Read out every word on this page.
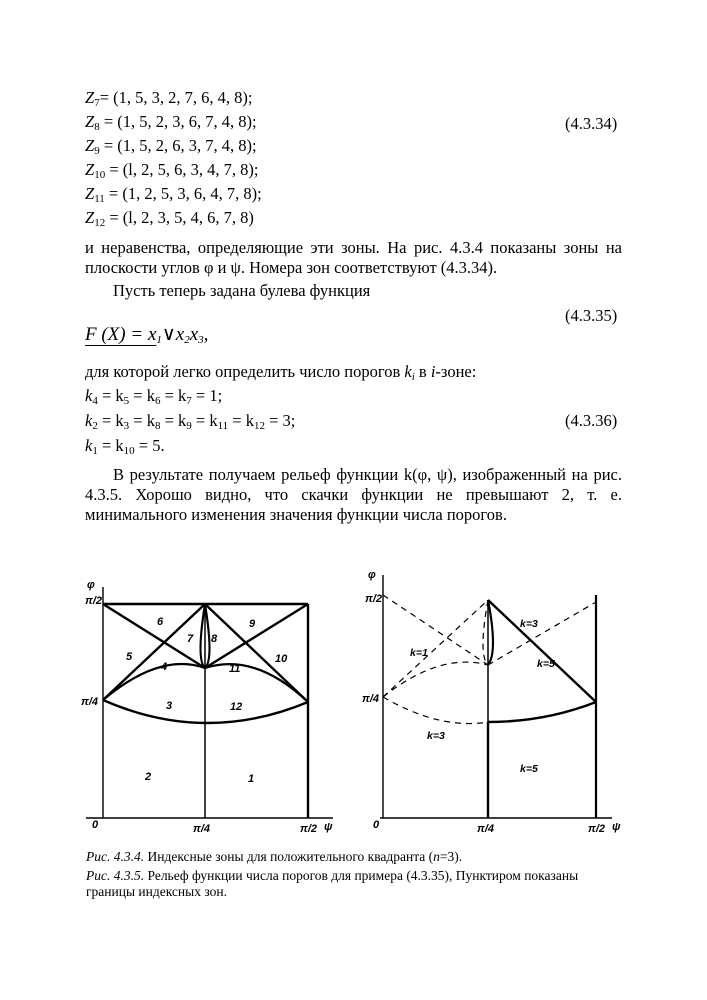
$Z_7= (1$, 5, 3, 2, 7, 6, 4, 8);
$Z_8 = (1$, 5, 2, 3, 6, 7, 4, 8);
$Z_9 = (1$, 5, 2, 6, 3, 7, 4, 8);
$Z_{10} = (l$, 2, 5, 6, 3, 4, 7, 8);
$Z_{11} = (1$, 2, 5, 3, 6, 4, 7, 8);
$Z_{12} = (l$, 2, 3, 5, 4, 6, 7, 8)
(4.3.34)
и неравенства, определяющие эти зоны. На рис. 4.3.4 показаны зоны на плоскости углов φ и ψ. Номера зон соответствуют (4.3.34).
Пусть теперь задана булева функция
(4.3.35)
F $(X) = x_1\vee x_2x_3$,
для которой легко определить число порогов $k_i$ в i-зоне:
$k_4 = k_5 = k_6 = k_7 = 1$;
$k_2 = k_3 = k_8 = k_9 = k_{11} = k_{12} = 3$;
$k_1 = k_{10} = 5$.
(4.3.36)
В результате получаем рельеф функции k(φ, ψ), изображенный на рис. 4.3.5. Хорошо видно, что скачки функции не превышают 2, т. е. минимального изменения значения функции числа порогов.
φ
π/2
π/4
0	π/4	π/2 ψ
6	9
7 8
5	10
4	11
3	12
2	1
φ
π/2
π/4
0	π/4	π/2 ψ
k=1
k=3
k=5
k=3
k=5
Рис. 4.3.4. Индексные зоны для положительного квадранта (n=3).
Рис. 4.3.5. Рельеф функции числа порогов для примера (4.3.35), Пунктиром показаны границы индексных зон.
